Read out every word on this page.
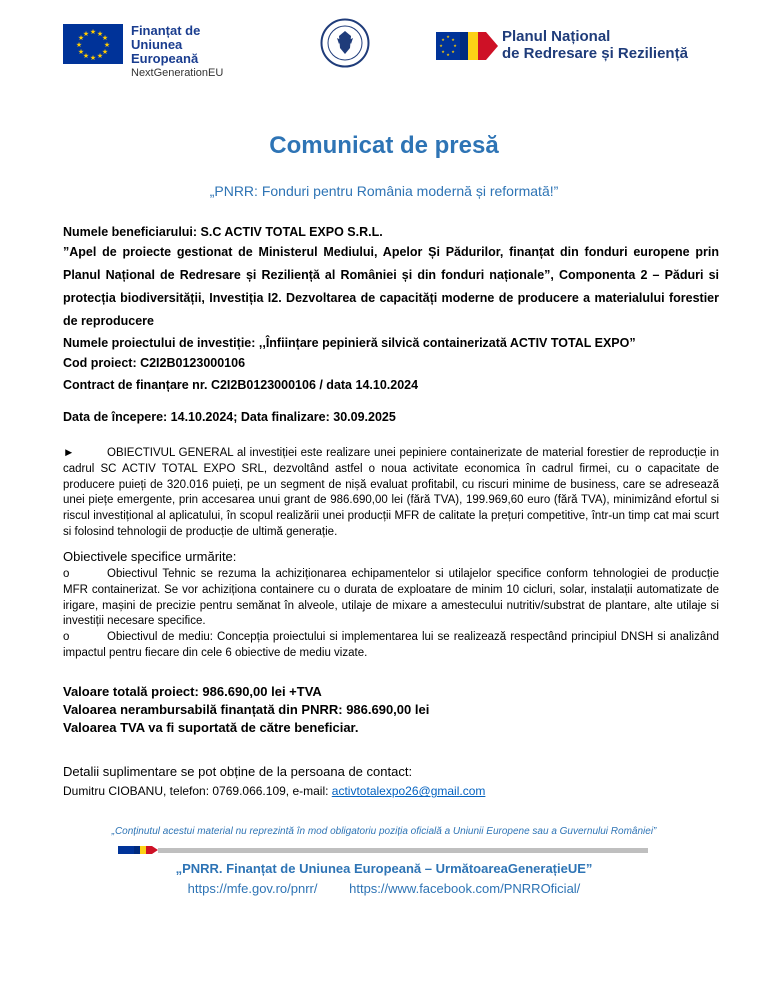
★ ★
★
★
★
★
★
★
★
★
★
★	Finanțat de
Uniunea Europeană
NextGenerationEU
★
★
★
★
★
★
★
★	Planul Național
de Redresare și Reziliență
Comunicat de presă
„PNRR: Fonduri pentru România modernă și reformată!”
Numele beneficiarului: S.C ACTIV TOTAL EXPO S.R.L.
”Apel de proiecte gestionat de Ministerul Mediului, Apelor Și Pădurilor, finanțat din fonduri europene prin Planul Național de Redresare și Reziliență al României și din fonduri naționale”, Componenta 2 – Păduri si protecția biodiversității, Investiția I2. Dezvoltarea de capacități moderne de producere a materialului forestier de reproducere
Numele proiectului de investiție: ,,Înființare pepinieră silvică containerizată ACTIV TOTAL EXPO”
Cod proiect: C2I2B0123000106
Contract de finanțare nr. C2I2B0123000106 / data 14.10.2024
Data de începere: 14.10.2024; Data finalizare: 30.09.2025
►	OBIECTIVUL GENERAL al investiției este realizare unei pepiniere containerizate de material forestier de reproducție in cadrul SC ACTIV TOTAL EXPO SRL, dezvoltând astfel o noua activitate economica în cadrul firmei, cu o capacitate de producere puieți de 320.016 puieți, pe un segment de nișă evaluat profitabil, cu riscuri minime de business, care se adresează unei piețe emergente, prin accesarea unui grant de 986.690,00 lei (fără TVA), 199.969,60 euro (fără TVA), minimizând efortul si riscul investițional al aplicatului, în scopul realizării unei producții MFR de calitate la prețuri competitive, într-un timp cat mai scurt si folosind tehnologii de producție de ultimă generație.
Obiectivele specifice urmărite:
o	Obiectivul Tehnic se rezuma la achiziționarea echipamentelor si utilajelor specifice conform tehnologiei de producție MFR containerizat. Se vor achiziționa containere cu o durata de exploatare de minim 10 cicluri, solar, instalații automatizate de irigare, mașini de precizie pentru semănat în alveole, utilaje de mixare a amestecului nutritiv/substrat de plantare, alte utilaje si investiții necesare specifice.
o	Obiectivul de mediu: Concepția proiectului si implementarea lui se realizează respectând principiul DNSH si analizând impactul pentru fiecare din cele 6 obiective de mediu vizate.
Valoare totală proiect: 986.690,00 lei +TVA
Valoarea nerambursabilă finanțată din PNRR: 986.690,00 lei
Valoarea TVA va fi suportată de către beneficiar.
Detalii suplimentare se pot obține de la persoana de contact:
Dumitru CIOBANU, telefon: 0769.066.109, e-mail: activtotalexpo26@gmail.com
„Conținutul acestui material nu reprezintă în mod obligatoriu poziția oficială a Uniunii Europene sau a Guvernului României”
„PNRR. Finanțat de Uniunea Europeană – UrmătoareaGenerațieUE”
https://mfe.gov.ro/pnrr/ https://www.facebook.com/PNRROficial/
